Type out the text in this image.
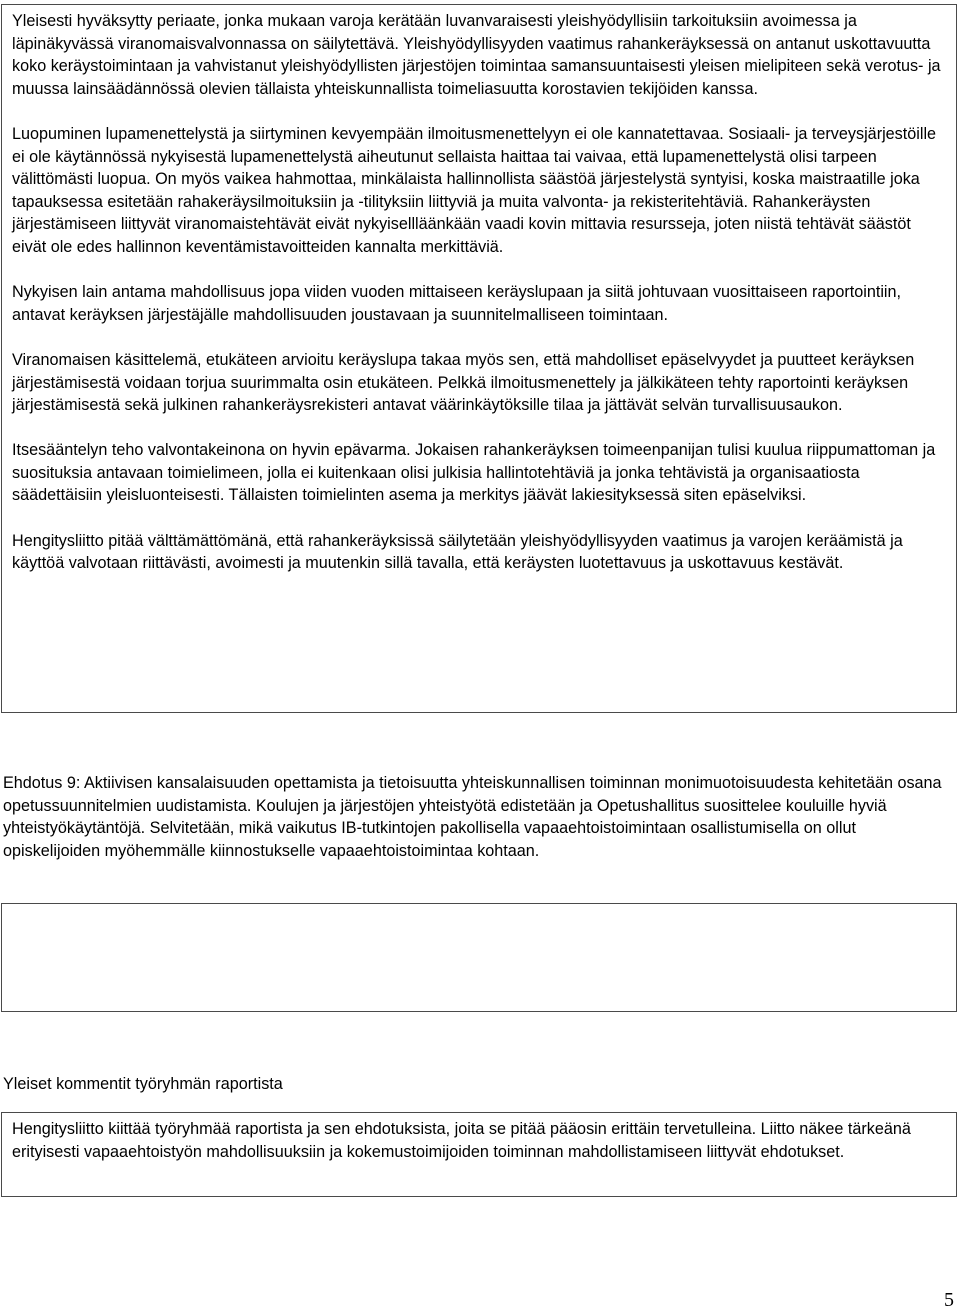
Yleisesti hyväksytty periaate, jonka mukaan varoja kerätään luvanvaraisesti yleishyödyllisiin tarkoituksiin avoimessa ja läpinäkyvässä viranomaisvalvonnassa on säilytettävä. Yleishyödyllisyyden vaatimus rahankeräyksessä on antanut uskottavuutta koko keräystoimintaan ja vahvistanut yleishyödyllisten järjestöjen toimintaa samansuuntaisesti yleisen mielipiteen sekä verotus- ja muussa lainsäädännössä olevien tällaista yhteiskunnallista toimeliasuutta korostavien tekijöiden kanssa.

Luopuminen lupamenettelystä ja siirtyminen kevyempään ilmoitusmenettelyyn ei ole kannatettavaa. Sosiaali- ja terveysjärjestöille ei ole käytännössä nykyisestä lupamenettelystä aiheutunut sellaista haittaa tai vaivaa, että lupamenettelystä olisi tarpeen välittömästi luopua. On myös vaikea hahmottaa, minkälaista hallinnollista säästöä järjestelystä syntyisi, koska maistraatille joka tapauksessa esitetään rahakeräysilmoituksiin ja -tilityksiin liittyviä ja muita valvonta- ja rekisteritehtäviä. Rahankeräysten järjestämiseen liittyvät viranomaistehtävät eivät nykyisellläänkään vaadi kovin mittavia resursseja, joten niistä tehtävät säästöt eivät ole edes hallinnon keventämistavoitteiden kannalta merkittäviä.

Nykyisen lain antama mahdollisuus jopa viiden vuoden mittaiseen keräyslupaan ja siitä johtuvaan vuosittaiseen raportointiin, antavat keräyksen järjestäjälle mahdollisuuden joustavaan ja suunnitelmalliseen toimintaan.

Viranomaisen käsittelemä, etukäteen arvioitu keräyslupa takaa myös sen, että mahdolliset epäselvyydet ja puutteet keräyksen järjestämisestä voidaan torjua suurimmalta osin etukäteen. Pelkkä ilmoitusmenettely ja jälkikäteen tehty raportointi keräyksen järjestämisestä sekä julkinen rahankeräysrekisteri antavat väärinkäytöksille tilaa ja jättävät selvän turvallisuusaukon.

Itsesääntelyn teho valvontakeinona on hyvin epävarma. Jokaisen rahankeräyksen toimeenpanijan tulisi kuulua riippumattoman ja suosituksia antavaan toimielimeen, jolla ei kuitenkaan olisi julkisia hallintotehtäviä ja jonka tehtävistä ja organisaatiosta säädettäisiin yleisluonteisesti. Tällaisten toimielinten asema ja merkitys jäävät lakiesityksessä siten epäselviksi.

Hengitysliitto pitää välttämättömänä, että rahankeräyksissä säilytetään yleishyödyllisyyden vaatimus ja varojen keräämistä ja käyttöä valvotaan riittävästi, avoimesti ja muutenkin sillä tavalla, että keräysten luotettavuus ja uskottavuus kestävät.

Ehdotus 9: Aktiivisen kansalaisuuden opettamista ja tietoisuutta yhteiskunnallisen toiminnan monimuotoisuudesta kehitetään osana opetussuunnitelmien uudistamista. Koulujen ja järjestöjen yhteistyötä edistetään ja Opetushallitus suosittelee kouluille hyviä yhteistyökäytäntöjä. Selvitetään, mikä vaikutus IB-tutkintojen pakollisella vapaaehtoistoimintaan osallistumisella on ollut opiskelijoiden myöhemmälle kiinnostukselle vapaaehtoistoimintaa kohtaan.

Yleiset kommentit työryhmän raportista

Hengitysliitto kiittää työryhmää raportista ja sen ehdotuksista, joita se pitää pääosin erittäin tervetulleina. Liitto näkee tärkeänä erityisesti vapaaehtoistyön mahdollisuuksiin ja kokemustoimijoiden toiminnan mahdollistamiseen liittyvät ehdotukset.

5
